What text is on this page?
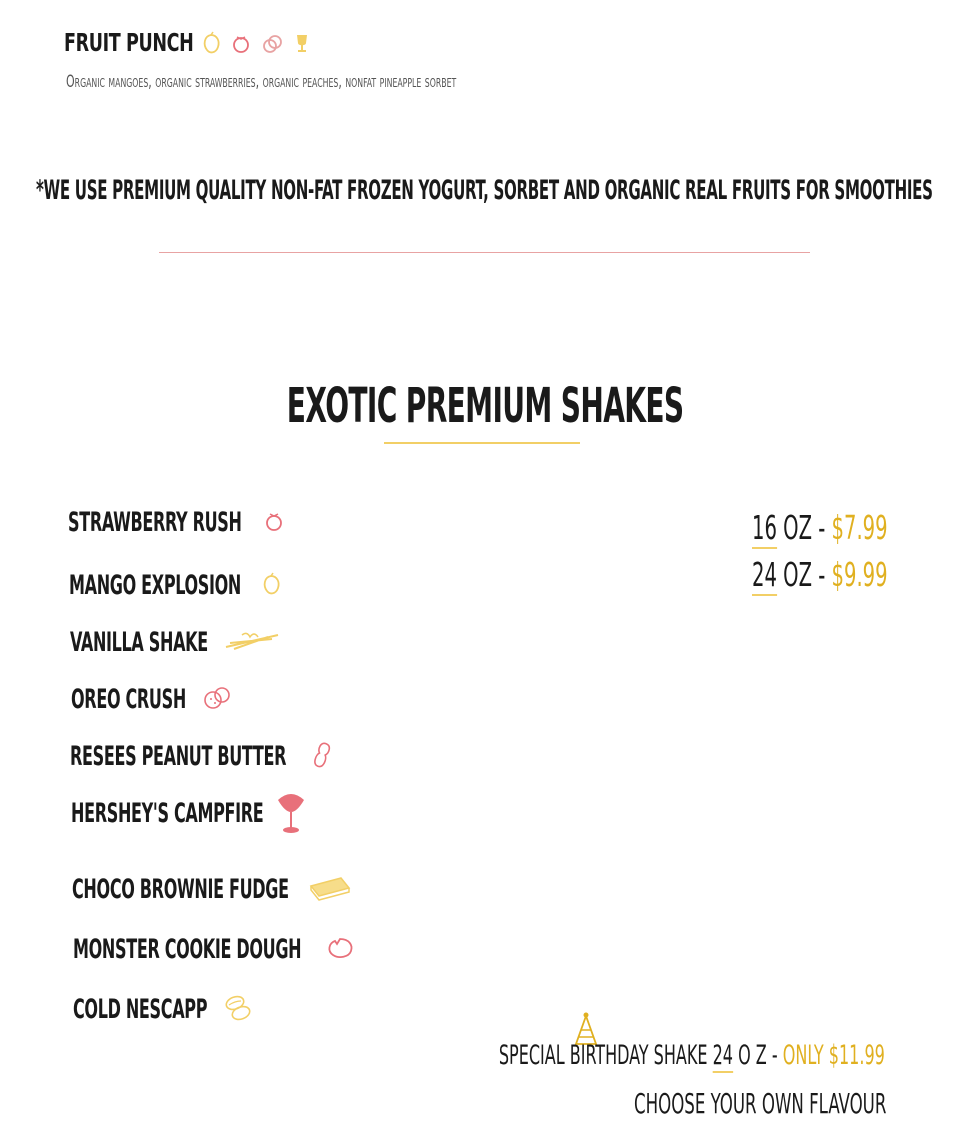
FRUIT PUNCH
Organic mangoes, organic strawberries, organic peaches, nonfat pineapple sorbet
*WE USE PREMIUM QUALITY NON-FAT FROZEN YOGURT, SORBET AND ORGANIC REAL FRUITS FOR SMOOTHIES
EXOTIC PREMIUM SHAKES
STRAWBERRY RUSH
MANGO EXPLOSION
VANILLA SHAKE
OREO CRUSH
RESEES PEANUT BUTTER
HERSHEY'S CAMPFIRE
CHOCO BROWNIE FUDGE
MONSTER COOKIE DOUGH
COLD NESCAPP
16 OZ - $7.99
24 OZ - $9.99
SPECIAL BIRTHDAY SHAKE 24 O Z - ONLY $11.99
CHOOSE YOUR OWN FLAVOUR
